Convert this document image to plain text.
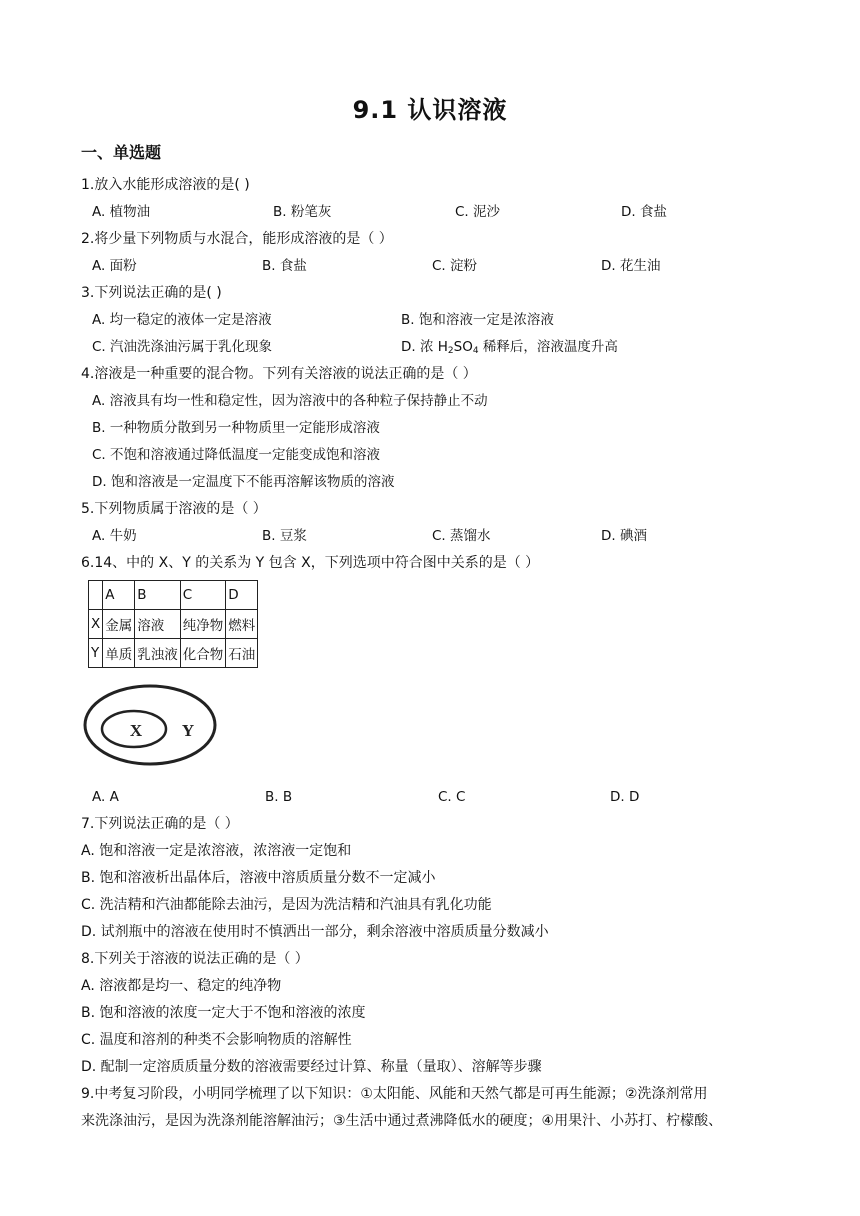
9.1 认识溶液
一、单选题
1.放入水能形成溶液的是( )
A. 植物油	B. 粉笔灰	C. 泥沙	D. 食盐
2.将少量下列物质与水混合，能形成溶液的是（ ）
A. 面粉	B. 食盐	C. 淀粉	D. 花生油
3.下列说法正确的是( )
A. 均一稳定的液体一定是溶液	B. 饱和溶液一定是浓溶液
C. 汽油洗涤油污属于乳化现象	D. 浓 $H_2SO_4$ 稀释后，溶液温度升高
4.溶液是一种重要的混合物。下列有关溶液的说法正确的是（ ）
A. 溶液具有均一性和稳定性，因为溶液中的各种粒子保持静止不动
B. 一种物质分散到另一种物质里一定能形成溶液
C. 不饱和溶液通过降低温度一定能变成饱和溶液
D. 饱和溶液是一定温度下不能再溶解该物质的溶液
5.下列物质属于溶液的是（ ）
A. 牛奶	B. 豆浆	C. 蒸馏水	D. 碘酒
6.14、中的 X、Y 的关系为 Y 包含 X，下列选项中符合图中关系的是（ ）
	A	B	C	D
X	金属	溶液	纯净物	燃料
Y	单质	乳浊液	化合物	石油
X Y
A. A	B. B	C. C	D. D
7.下列说法正确的是（ ）
A. 饱和溶液一定是浓溶液，浓溶液一定饱和
B. 饱和溶液析出晶体后，溶液中溶质质量分数不一定减小
C. 洗洁精和汽油都能除去油污，是因为洗洁精和汽油具有乳化功能
D. 试剂瓶中的溶液在使用时不慎洒出一部分，剩余溶液中溶质质量分数减小
8.下列关于溶液的说法正确的是（ ）
A. 溶液都是均一、稳定的纯净物
B. 饱和溶液的浓度一定大于不饱和溶液的浓度
C. 温度和溶剂的种类不会影响物质的溶解性
D. 配制一定溶质质量分数的溶液需要经过计算、称量（量取）、溶解等步骤
9.中考复习阶段，小明同学梳理了以下知识：①太阳能、风能和天然气都是可再生能源；②洗涤剂常用
来洗涤油污，是因为洗涤剂能溶解油污；③生活中通过煮沸降低水的硬度；④用果汁、小苏打、柠檬酸、
